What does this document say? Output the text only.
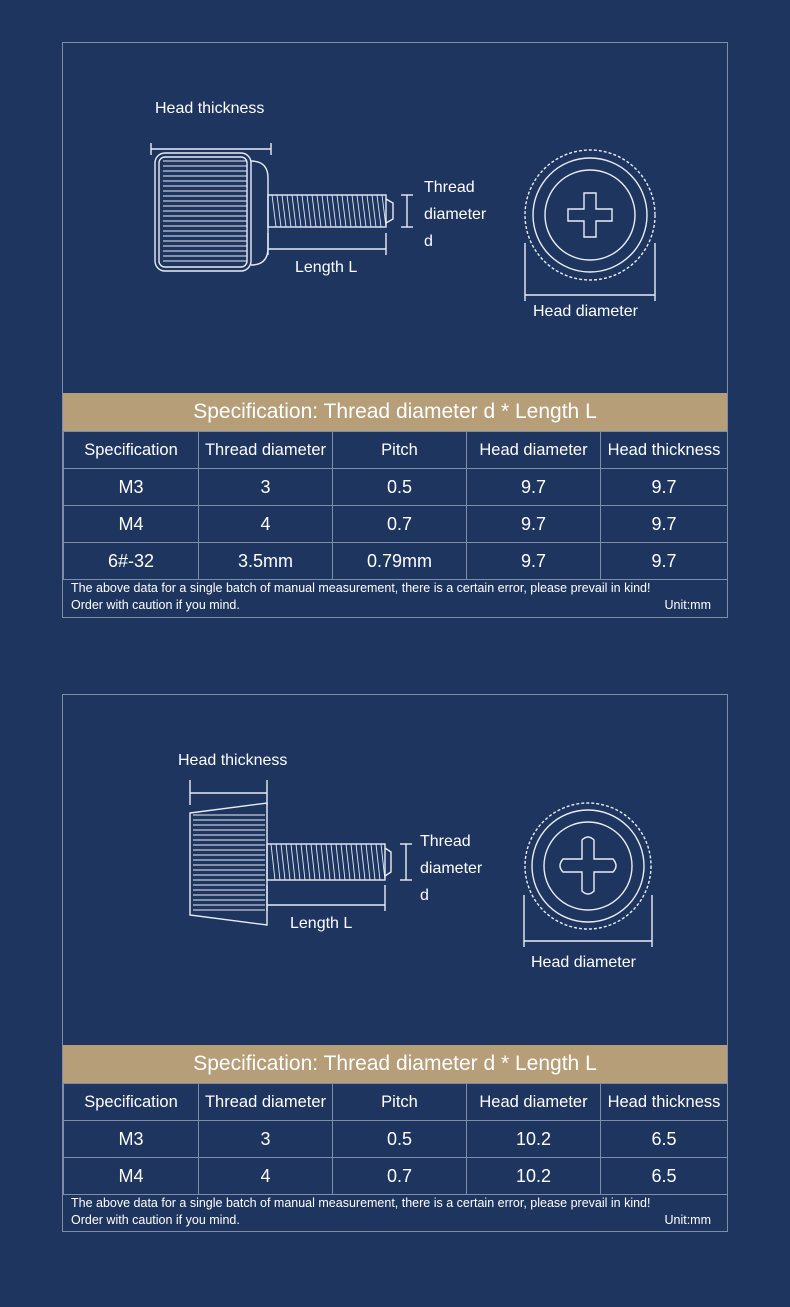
Head thickness
Thread
diameter
d
Length L
Head diameter
Specification: Thread diameter d * Length L
Specification	Thread diameter	Pitch	Head diameter	Head thickness
M3	3	0.5	9.7	9.7
M4	4	0.7	9.7	9.7
6#-32	3.5mm	0.79mm	9.7	9.7
The above data for a single batch of manual measurement, there is a certain error, please prevail in kind!
Order with caution if you mind.	Unit:mm
Head thickness
Thread
diameter
d
Length L
Head diameter
Specification: Thread diameter d * Length L
Specification	Thread diameter	Pitch	Head diameter	Head thickness
M3	3	0.5	10.2	6.5
M4	4	0.7	10.2	6.5
The above data for a single batch of manual measurement, there is a certain error, please prevail in kind!
Order with caution if you mind.	Unit:mm
